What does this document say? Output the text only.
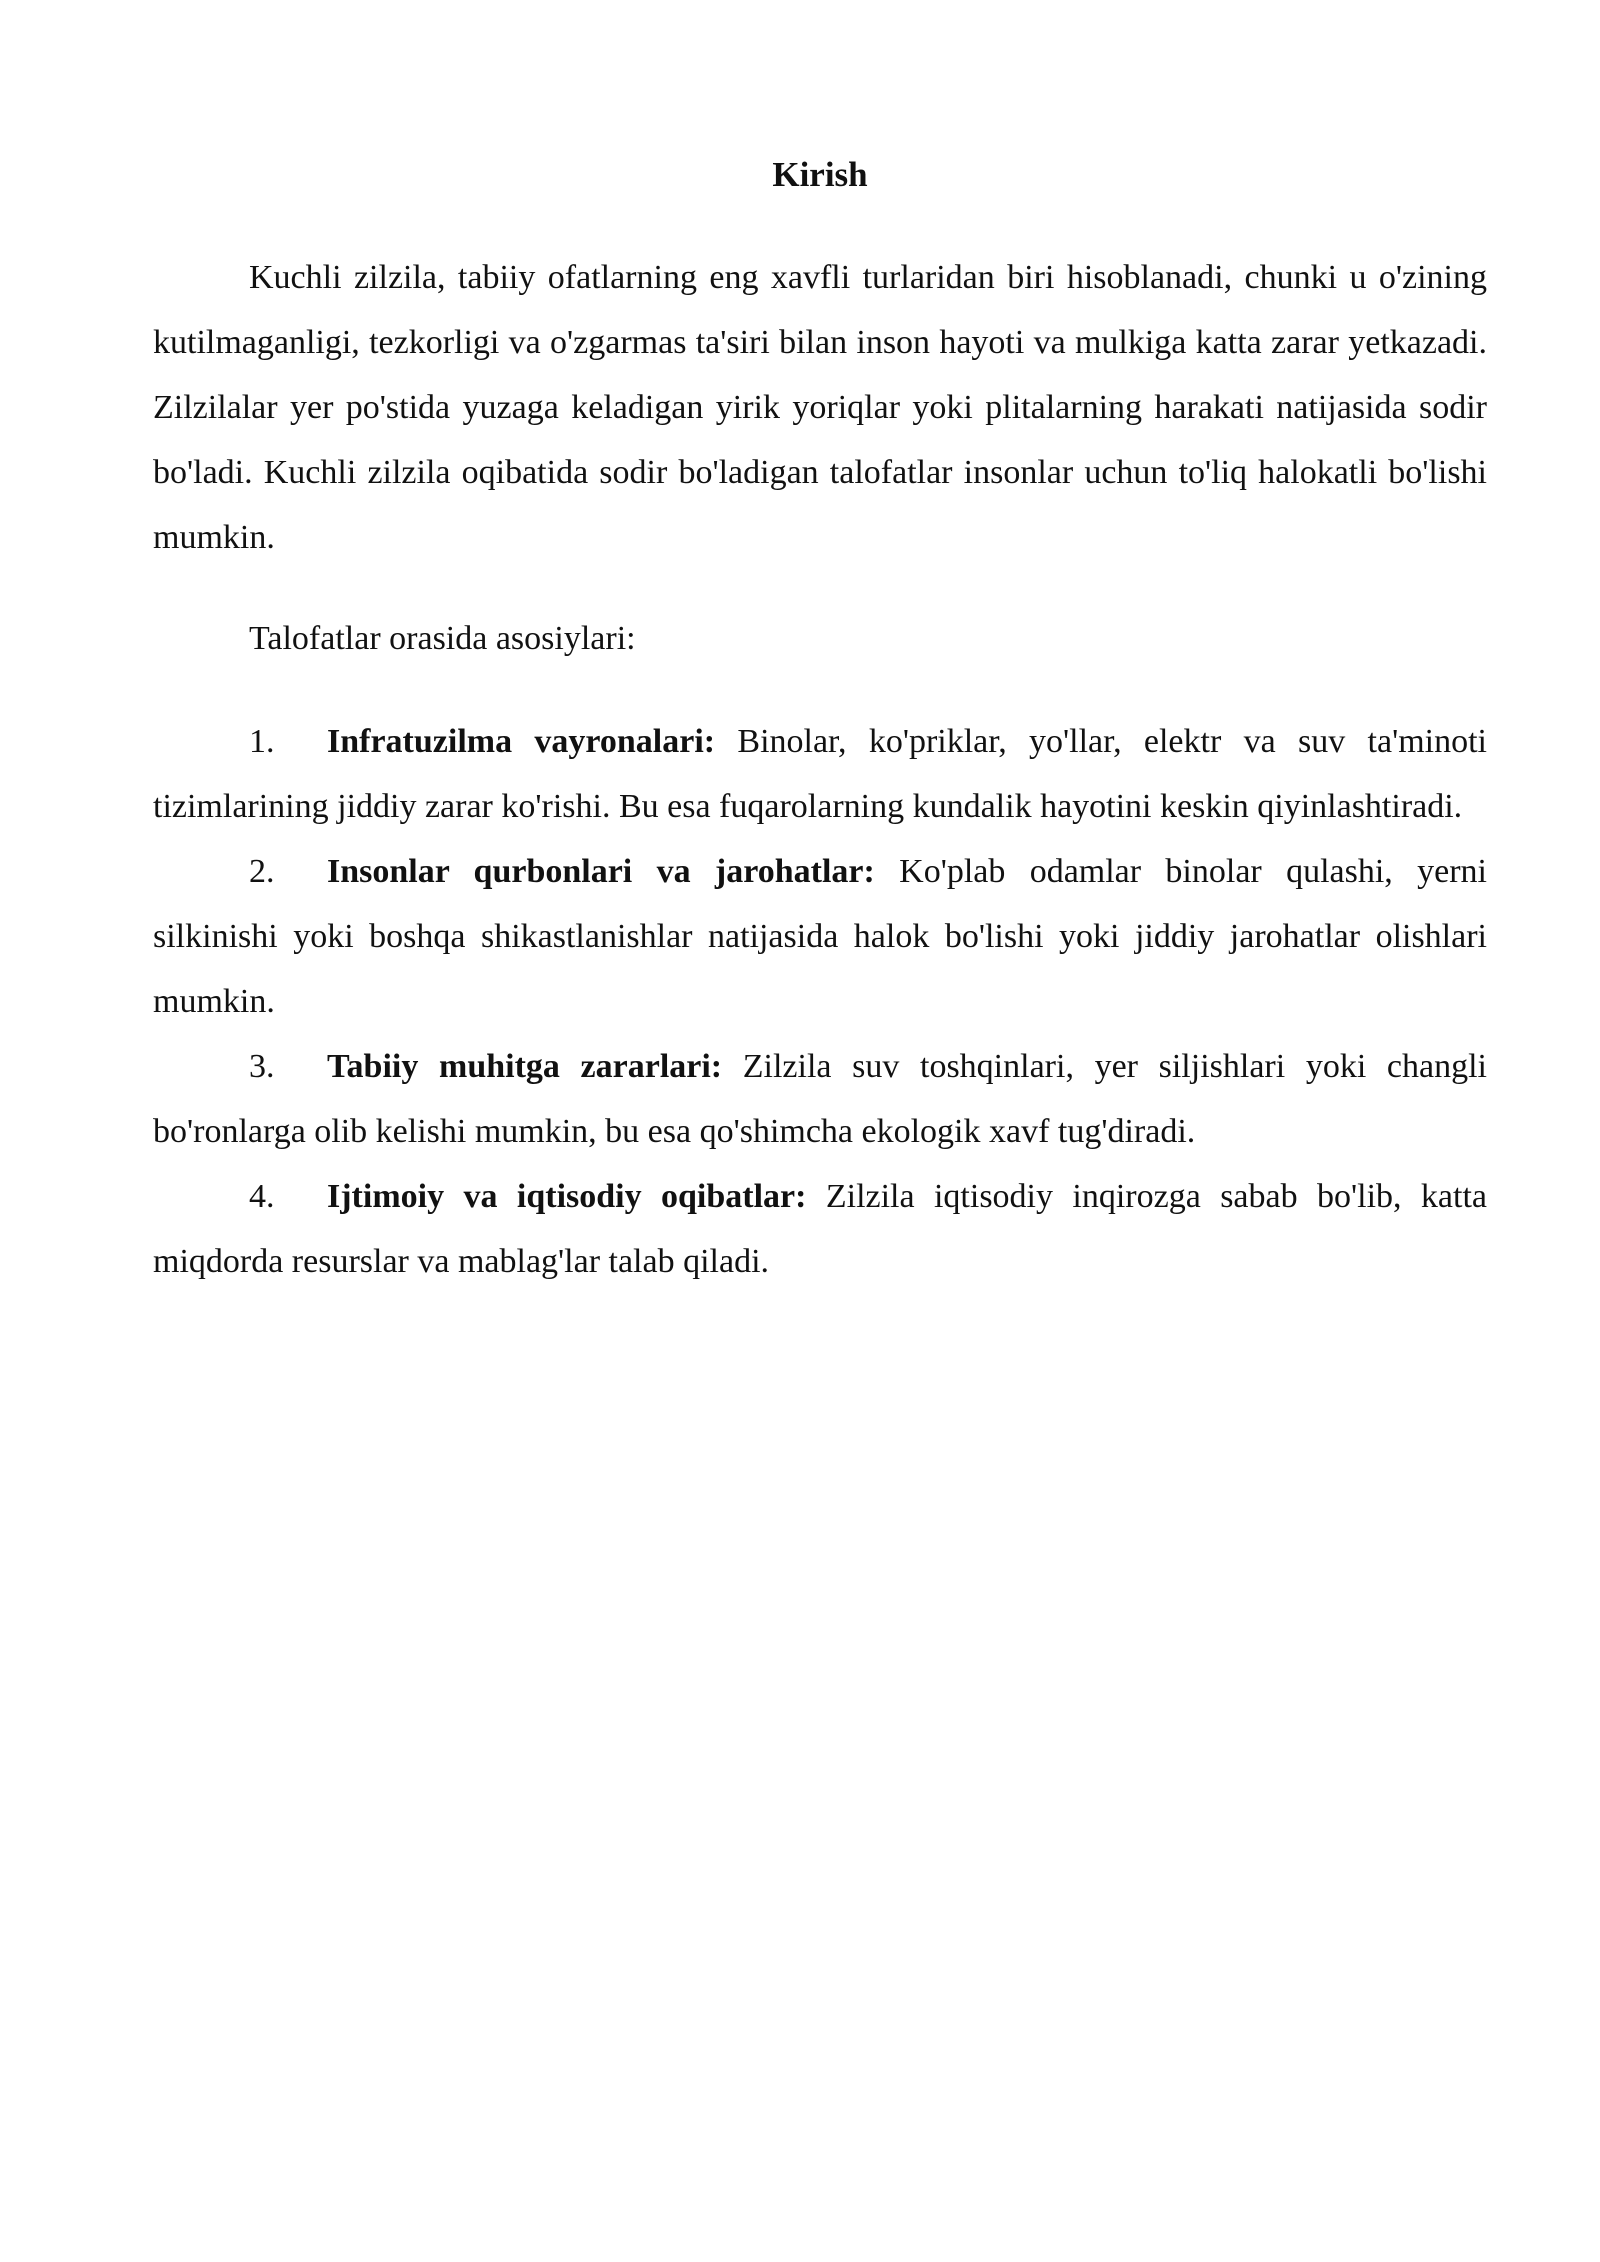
Kirish

Kuchli zilzila, tabiiy ofatlarning eng xavfli turlaridan biri hisoblanadi, chunki u o'zining kutilmaganligi, tezkorligi va o'zgarmas ta'siri bilan inson hayoti va mulkiga katta zarar yetkazadi. Zilzilalar yer po'stida yuzaga keladigan yirik yoriqlar yoki plitalarning harakati natijasida sodir bo'ladi. Kuchli zilzila oqibatida sodir bo'ladigan talofatlar insonlar uchun to'liq halokatli bo'lishi mumkin.

Talofatlar orasida asosiylari:

1. Infratuzilma vayronalari: Binolar, ko'priklar, yo'llar, elektr va suv ta'minoti tizimlarining jiddiy zarar ko'rishi. Bu esa fuqarolarning kundalik hayotini keskin qiyinlashtiradi.

2. Insonlar qurbonlari va jarohatlar: Ko'plab odamlar binolar qulashi, yerni silkinishi yoki boshqa shikastlanishlar natijasida halok bo'lishi yoki jiddiy jarohatlar olishlari mumkin.

3. Tabiiy muhitga zararlari: Zilzila suv toshqinlari, yer siljishlari yoki changli bo'ronlarga olib kelishi mumkin, bu esa qo'shimcha ekologik xavf tug'diradi.

4. Ijtimoiy va iqtisodiy oqibatlar: Zilzila iqtisodiy inqirozga sabab bo'lib, katta miqdorda resurslar va mablag'lar talab qiladi.
